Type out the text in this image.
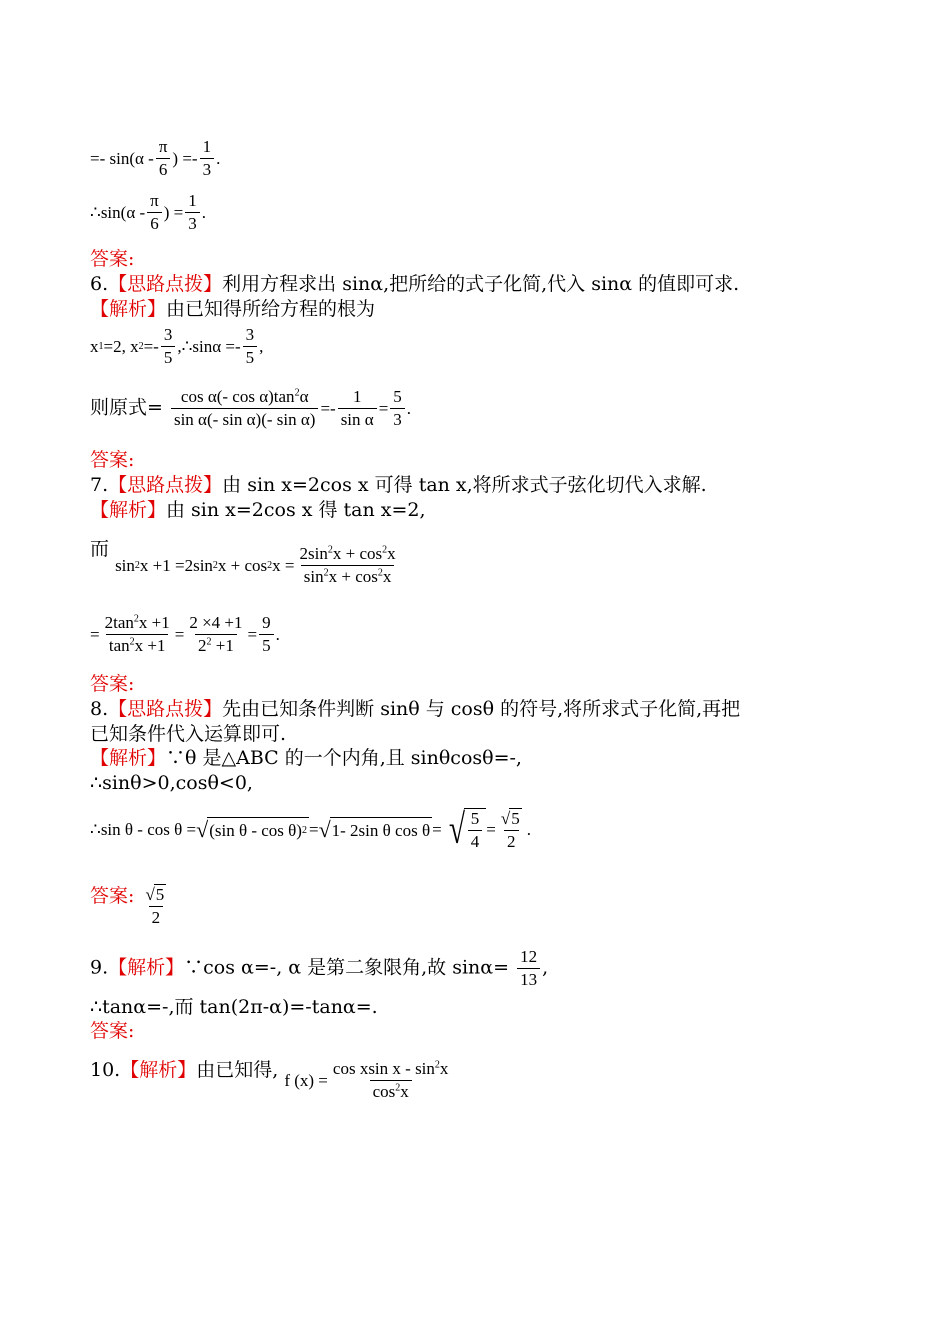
=- $\sin(\alpha - \frac{\pi}{6}$ ) =- $\frac{1}{3}$ .
∴sin(α - $\frac{\pi}{6}$ ) = $\frac{1}{3}$ .
答案:
6.【思路点拨】利用方程求出 sinα,把所给的式子化简,代入 sinα 的值即可求.
【解析】由已知得所给方程的根为
x 1 =2, x $2 =- \frac{3}{5}$ ,∴sinα =- $\frac{3}{5}$ ,
则原式= $\frac{\cos \alpha(- \cos \alpha)\tan^2\alpha}{\text{sin α(- sin α)(- sin α)}} =- \frac{1}{\text{sin α}} = \frac{5}{3}$ .
答案:
7.【思路点拨】由 sin x=2cos x 可得 tan x,将所求式子弦化切代入求解.
【解析】由 sin x=2cos x 得 tan x=2,
而
sin 2 x +1 =2sin 2 x + cos 2 $x = \frac{2\sin^2x + \cos^2x}{\sin^2x + \cos^2x}$
= $\frac{2\tan^2x +1}{\tan^2x +1} = \frac{2 \times 4 +1}{2^2 +1} = \frac{9}{5}$ .
答案:
8.【思路点拨】先由已知条件判断 sinθ 与 cosθ 的符号,将所求式子化简,再把
已知条件代入运算即可.
【解析】∵θ 是△ABC 的一个内角,且 sinθcosθ=-,
∴sinθ>0,cosθ<0,
∴sin θ - cos θ = √ (sin θ - cos θ) 2 = √ 1- 2sin θ cos θ = √ $\frac{5}{4} = \frac{√ 5}{2}$ .
答案: $\frac{√ 5}{2}$
9.【解析】∵cos α=-, α 是第二象限角,故 $\sin\alpha= \frac{12}{13}$ ,
∴tanα=-,而 tan(2π-α)=-tanα=.
答案:
10.【解析】由已知得, f $(x) = \frac{\cos xsin x - \sin^2x}{\cos^2x}$
